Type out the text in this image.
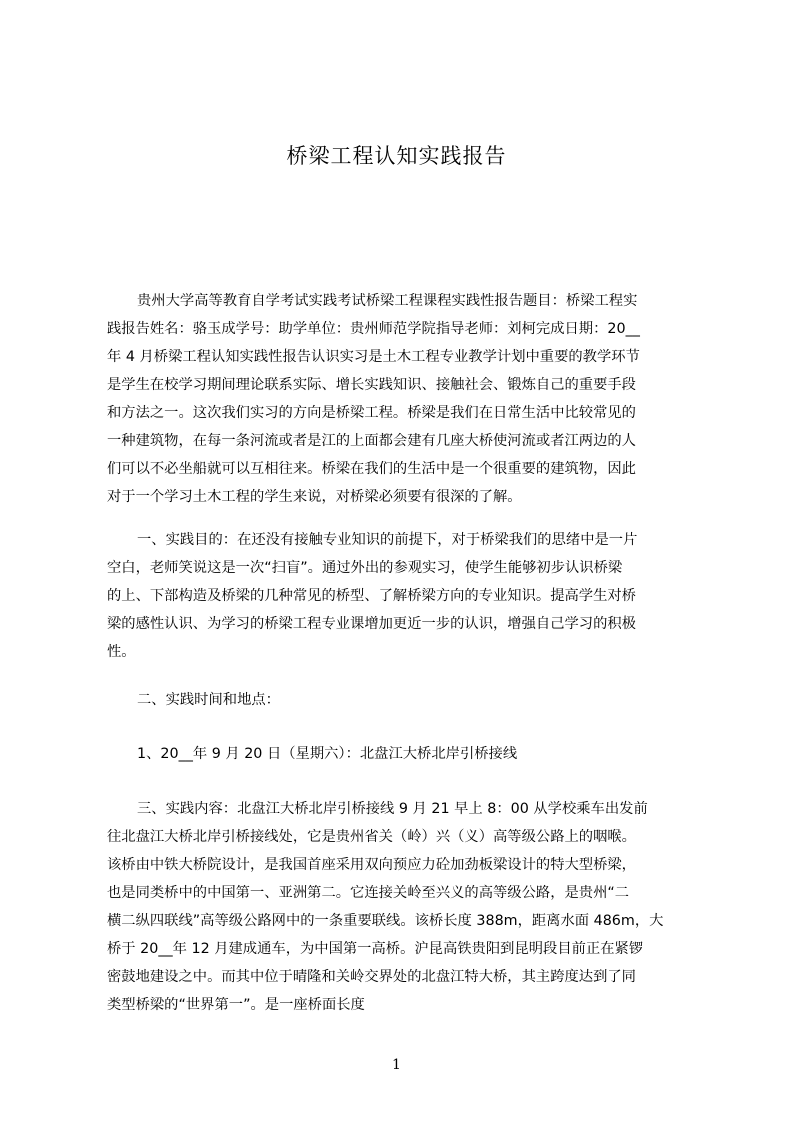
桥梁工程认知实践报告
贵州大学高等教育自学考试实践考试桥梁工程课程实践性报告题目：桥梁工程实
践报告姓名：骆玉成学号：助学单位：贵州师范学院指导老师：刘柯完成日期：20__
年 4 月桥梁工程认知实践性报告认识实习是土木工程专业教学计划中重要的教学环节
是学生在校学习期间理论联系实际、增长实践知识、接触社会、锻炼自己的重要手段
和方法之一。这次我们实习的方向是桥梁工程。桥梁是我们在日常生活中比较常见的
一种建筑物，在每一条河流或者是江的上面都会建有几座大桥使河流或者江两边的人
们可以不必坐船就可以互相往来。桥梁在我们的生活中是一个很重要的建筑物，因此
对于一个学习土木工程的学生来说，对桥梁必须要有很深的了解。
一、实践目的：在还没有接触专业知识的前提下，对于桥梁我们的思绪中是一片
空白，老师笑说这是一次“扫盲”。通过外出的参观实习，使学生能够初步认识桥梁
的上、下部构造及桥梁的几种常见的桥型、了解桥梁方向的专业知识。提高学生对桥
梁的感性认识、为学习的桥梁工程专业课增加更近一步的认识，增强自己学习的积极
性。
二、实践时间和地点：
1、20__年 9 月 20 日（星期六）：北盘江大桥北岸引桥接线
三、实践内容：北盘江大桥北岸引桥接线 9 月 21 早上 8：00 从学校乘车出发前
往北盘江大桥北岸引桥接线处，它是贵州省关（岭）兴（义）高等级公路上的咽喉。
该桥由中铁大桥院设计，是我国首座采用双向预应力砼加劲板梁设计的特大型桥梁，
也是同类桥中的中国第一、亚洲第二。它连接关岭至兴义的高等级公路，是贵州“二
横二纵四联线”高等级公路网中的一条重要联线。该桥长度 388m，距离水面 486m，大
桥于 20__年 12 月建成通车，为中国第一高桥。沪昆高铁贵阳到昆明段目前正在紧锣
密鼓地建设之中。而其中位于晴隆和关岭交界处的北盘江特大桥，其主跨度达到了同
类型桥梁的“世界第一”。是一座桥面长度
1
